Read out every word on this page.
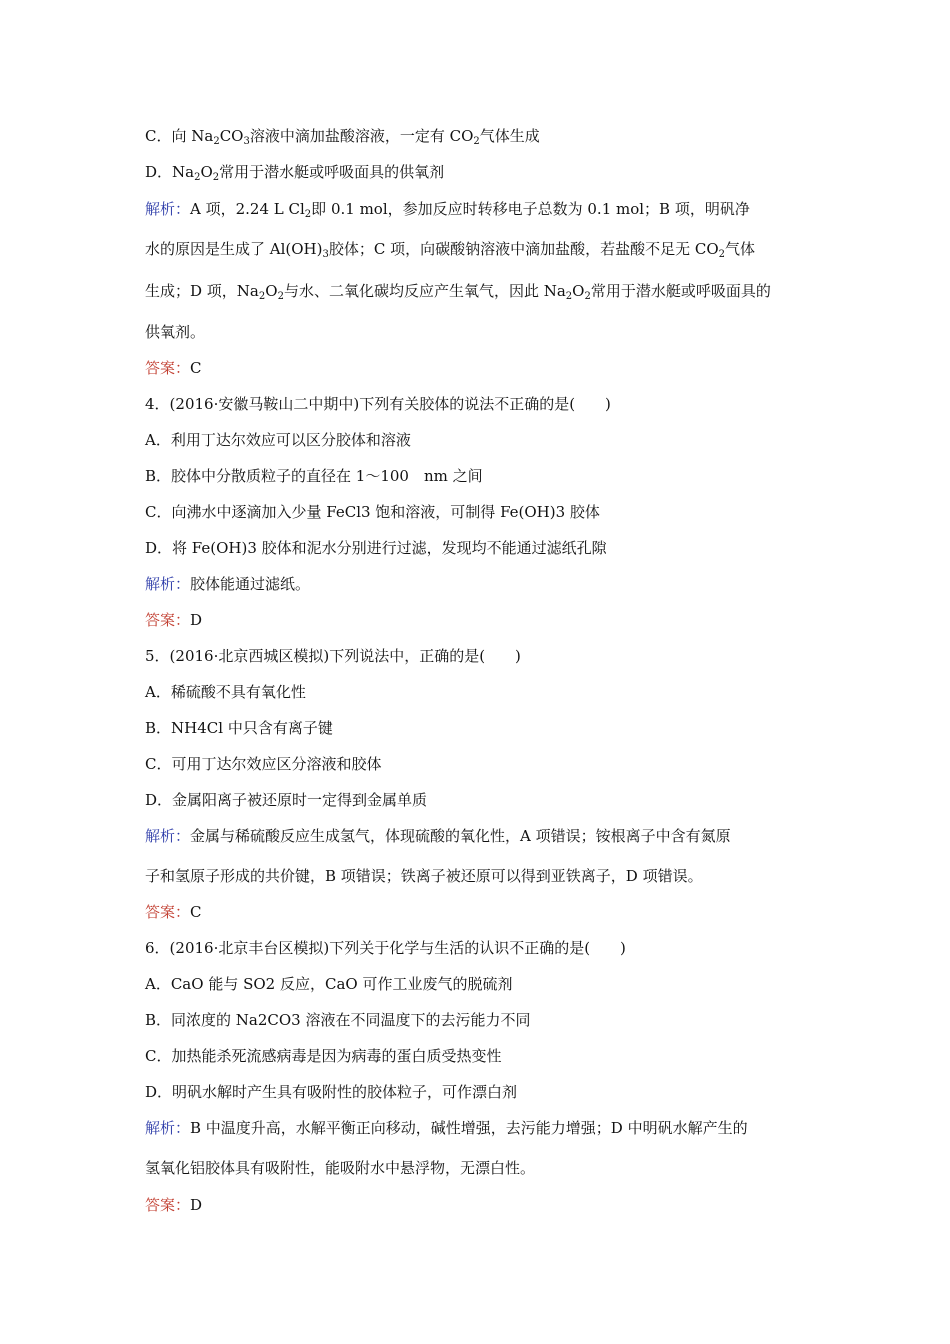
C．向 $Na_2CO_3$溶液中滴加盐酸溶液，一定有 $CO_2$气体生成
D．$Na_2O_2$常用于潜水艇或呼吸面具的供氧剂
解析：A 项，2.24 L $Cl_2$即 0.1 mol，参加反应时转移电子总数为 0.1 mol；B 项，明矾净
水的原因是生成了 $Al(OH)_3$胶体；C 项，向碳酸钠溶液中滴加盐酸，若盐酸不足无 $CO_2$气体
生成；D 项，$Na_2O_2$与水、二氧化碳均反应产生氧气，因此 $Na_2O_2$常用于潜水艇或呼吸面具的
供氧剂。
答案：C
4．(2016·安徽马鞍山二中期中)下列有关胶体的说法不正确的是(　　)
A．利用丁达尔效应可以区分胶体和溶液
B．胶体中分散质粒子的直径在 1～100　nm 之间
C．向沸水中逐滴加入少量 FeCl3 饱和溶液，可制得 Fe(OH)3 胶体
D．将 Fe(OH)3 胶体和泥水分别进行过滤，发现均不能通过滤纸孔隙
解析：胶体能通过滤纸。
答案：D
5．(2016·北京西城区模拟)下列说法中，正确的是(　　)
A．稀硫酸不具有氧化性
B．NH4Cl 中只含有离子键
C．可用丁达尔效应区分溶液和胶体
D．金属阳离子被还原时一定得到金属单质
解析：金属与稀硫酸反应生成氢气，体现硫酸的氧化性，A 项错误；铵根离子中含有氮原
子和氢原子形成的共价键，B 项错误；铁离子被还原可以得到亚铁离子，D 项错误。
答案：C
6．(2016·北京丰台区模拟)下列关于化学与生活的认识不正确的是(　　)
A．CaO 能与 SO2 反应，CaO 可作工业废气的脱硫剂
B．同浓度的 Na2CO3 溶液在不同温度下的去污能力不同
C．加热能杀死流感病毒是因为病毒的蛋白质受热变性
D．明矾水解时产生具有吸附性的胶体粒子，可作漂白剂
解析：B 中温度升高，水解平衡正向移动，碱性增强，去污能力增强；D 中明矾水解产生的
氢氧化铝胶体具有吸附性，能吸附水中悬浮物，无漂白性。
答案：D
